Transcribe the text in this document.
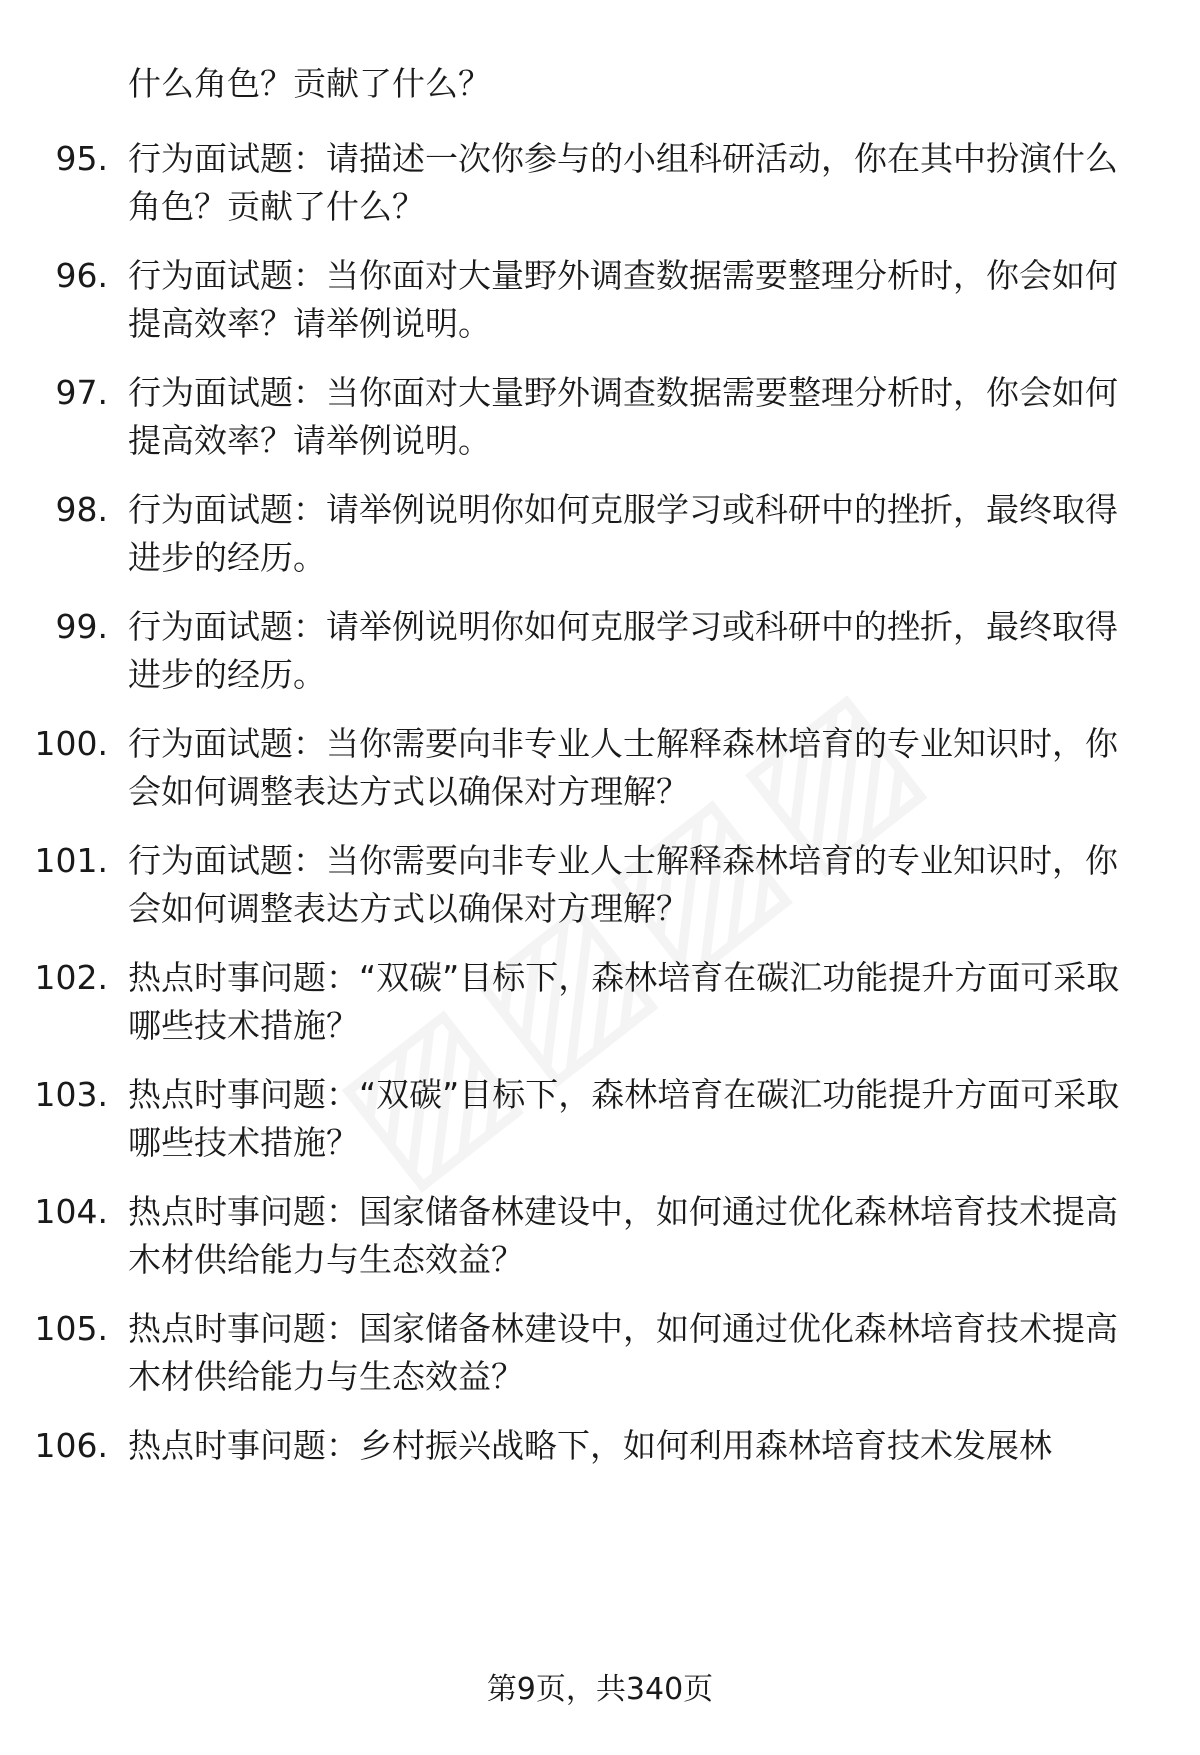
什么角色？贡献了什么？

95. 行为面试题：请描述一次你参与的小组科研活动，你在其中扮演什么角色？贡献了什么？

96. 行为面试题：当你面对大量野外调查数据需要整理分析时，你会如何提高效率？请举例说明。

97. 行为面试题：当你面对大量野外调查数据需要整理分析时，你会如何提高效率？请举例说明。

98. 行为面试题：请举例说明你如何克服学习或科研中的挫折，最终取得进步的经历。

99. 行为面试题：请举例说明你如何克服学习或科研中的挫折，最终取得进步的经历。

100. 行为面试题：当你需要向非专业人士解释森林培育的专业知识时，你会如何调整表达方式以确保对方理解？

101. 行为面试题：当你需要向非专业人士解释森林培育的专业知识时，你会如何调整表达方式以确保对方理解？

102. 热点时事问题：“双碳”目标下，森林培育在碳汇功能提升方面可采取哪些技术措施？

103. 热点时事问题：“双碳”目标下，森林培育在碳汇功能提升方面可采取哪些技术措施？

104. 热点时事问题：国家储备林建设中，如何通过优化森林培育技术提高木材供给能力与生态效益？

105. 热点时事问题：国家储备林建设中，如何通过优化森林培育技术提高木材供给能力与生态效益？

106. 热点时事问题：乡村振兴战略下，如何利用森林培育技术发展林

第9页，共340页
